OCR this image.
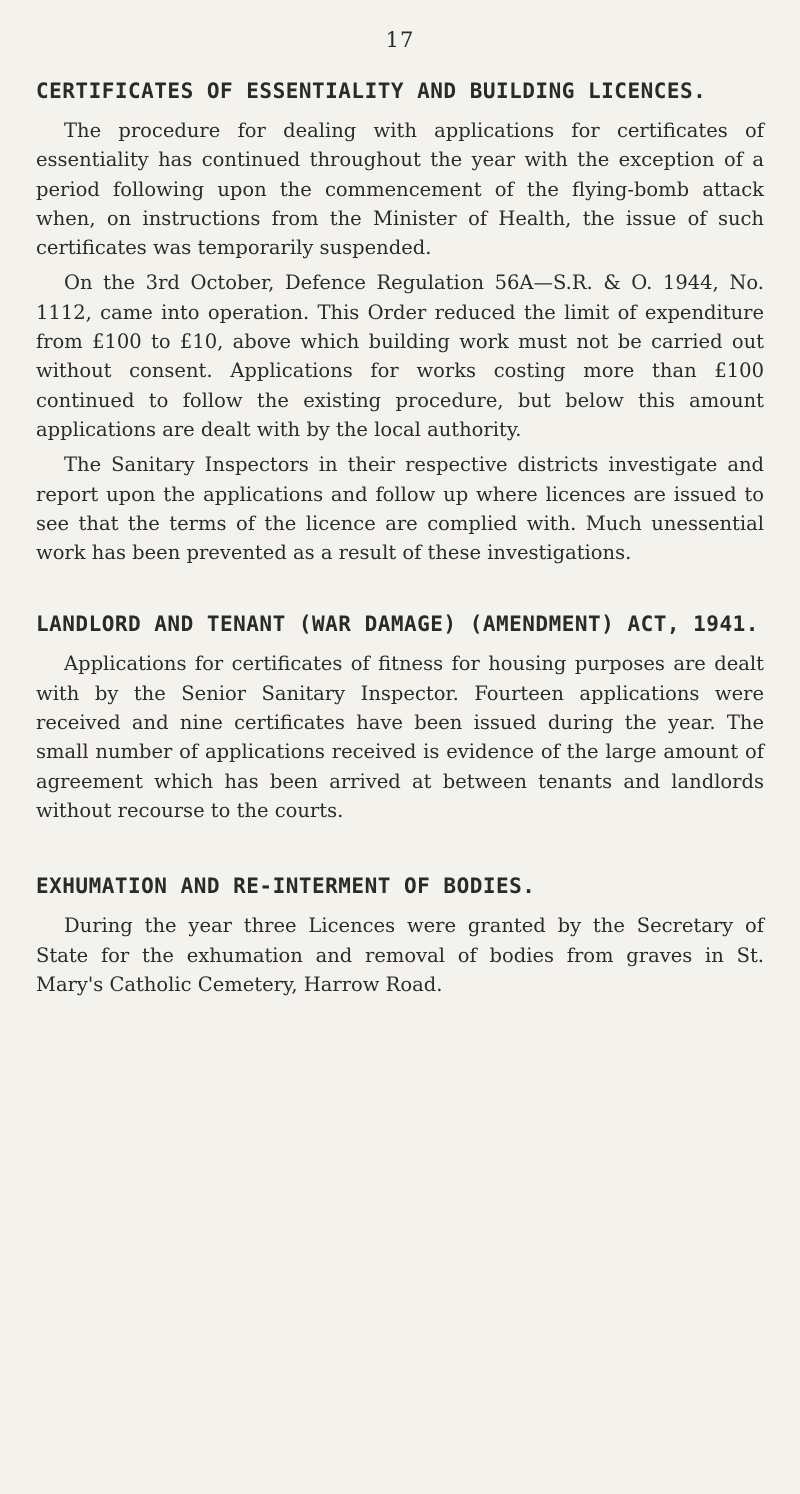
17
CERTIFICATES OF ESSENTIALITY AND BUILDING LICENCES.

The procedure for dealing with applications for certificates of essentiality has continued throughout the year with the exception of a period following upon the commencement of the flying-bomb attack when, on instructions from the Minister of Health, the issue of such certificates was temporarily suspended.

On the 3rd October, Defence Regulation 56A—S.R. & O. 1944, No. 1112, came into operation. This Order reduced the limit of expenditure from £100 to £10, above which building work must not be carried out without consent. Applications for works costing more than £100 continued to follow the existing procedure, but below this amount applications are dealt with by the local authority.

The Sanitary Inspectors in their respective districts investigate and report upon the applications and follow up where licences are issued to see that the terms of the licence are complied with. Much unessential work has been prevented as a result of these investigations.

LANDLORD AND TENANT (WAR DAMAGE) (AMENDMENT) ACT, 1941.

Applications for certificates of fitness for housing purposes are dealt with by the Senior Sanitary Inspector. Fourteen applications were received and nine certificates have been issued during the year. The small number of applications received is evidence of the large amount of agreement which has been arrived at between tenants and landlords without recourse to the courts.

EXHUMATION AND RE-INTERMENT OF BODIES.

During the year three Licences were granted by the Secretary of State for the exhumation and removal of bodies from graves in St. Mary's Catholic Cemetery, Harrow Road.
